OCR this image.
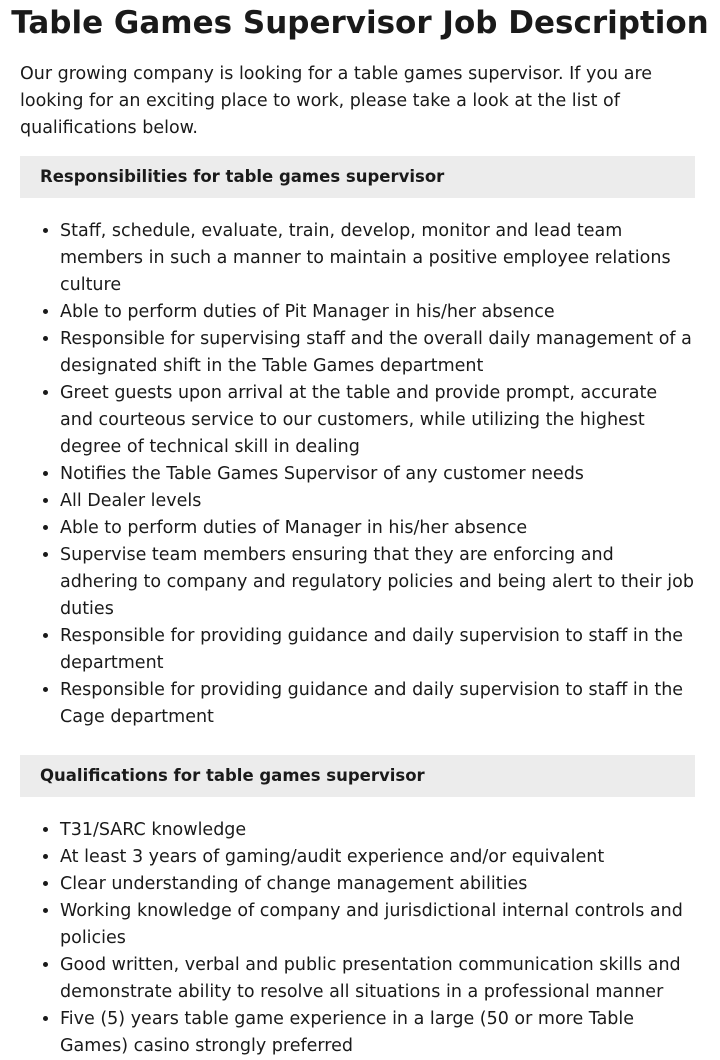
Table Games Supervisor Job Description

Our growing company is looking for a table games supervisor. If you are looking for an exciting place to work, please take a look at the list of qualifications below.

Responsibilities for table games supervisor
• Staff, schedule, evaluate, train, develop, monitor and lead team members in such a manner to maintain a positive employee relations culture
• Able to perform duties of Pit Manager in his/her absence
• Responsible for supervising staff and the overall daily management of a designated shift in the Table Games department
• Greet guests upon arrival at the table and provide prompt, accurate and courteous service to our customers, while utilizing the highest degree of technical skill in dealing
• Notifies the Table Games Supervisor of any customer needs
• All Dealer levels
• Able to perform duties of Manager in his/her absence
• Supervise team members ensuring that they are enforcing and adhering to company and regulatory policies and being alert to their job duties
• Responsible for providing guidance and daily supervision to staff in the department
• Responsible for providing guidance and daily supervision to staff in the Cage department
Qualifications for table games supervisor
• T31/SARC knowledge
• At least 3 years of gaming/audit experience and/or equivalent
• Clear understanding of change management abilities
• Working knowledge of company and jurisdictional internal controls and policies
• Good written, verbal and public presentation communication skills and demonstrate ability to resolve all situations in a professional manner
• Five (5) years table game experience in a large (50 or more Table Games) casino strongly preferred
